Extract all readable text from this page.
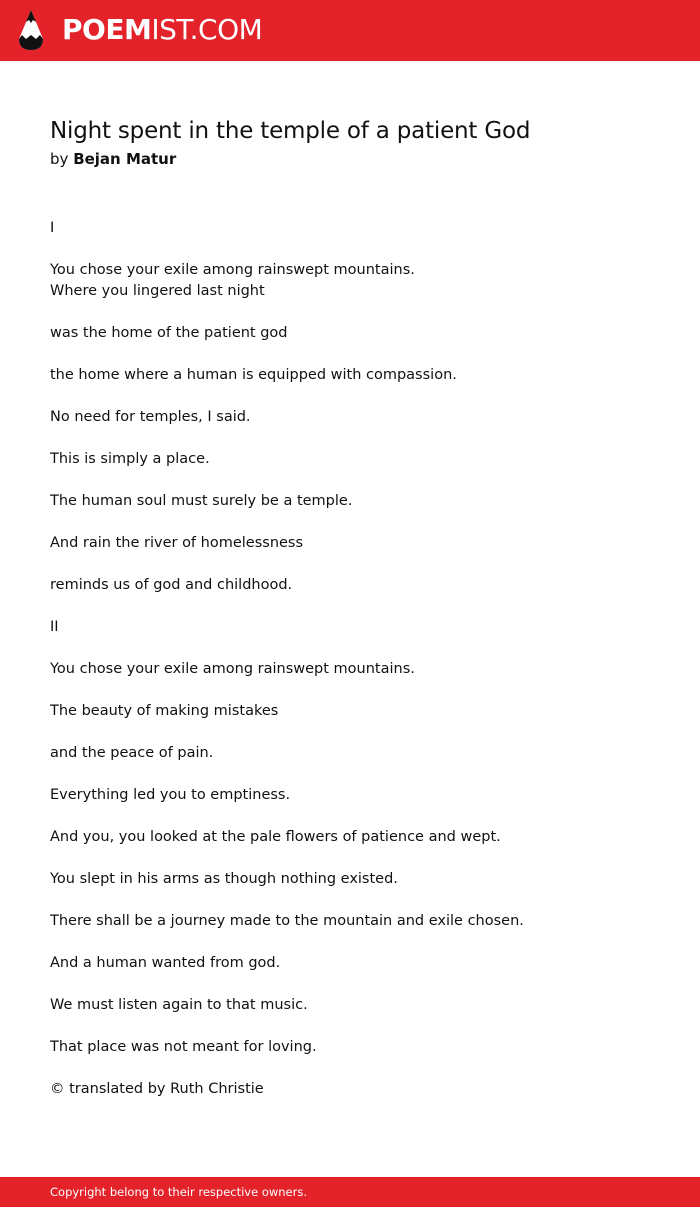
POEMIST.COM
Night spent in the temple of a patient God
by Bejan Matur

I

You chose your exile among rainswept mountains.
Where you lingered last night

was the home of the patient god

the home where a human is equipped with compassion.

No need for temples, I said.

This is simply a place.

The human soul must surely be a temple.

And rain the river of homelessness

reminds us of god and childhood.

II

You chose your exile among rainswept mountains.

The beauty of making mistakes

and the peace of pain.

Everything led you to emptiness.

And you, you looked at the pale flowers of patience and wept.

You slept in his arms as though nothing existed.

There shall be a journey made to the mountain and exile chosen.

And a human wanted from god.

We must listen again to that music.

That place was not meant for loving.

© translated by Ruth Christie

Copyright belong to their respective owners.
